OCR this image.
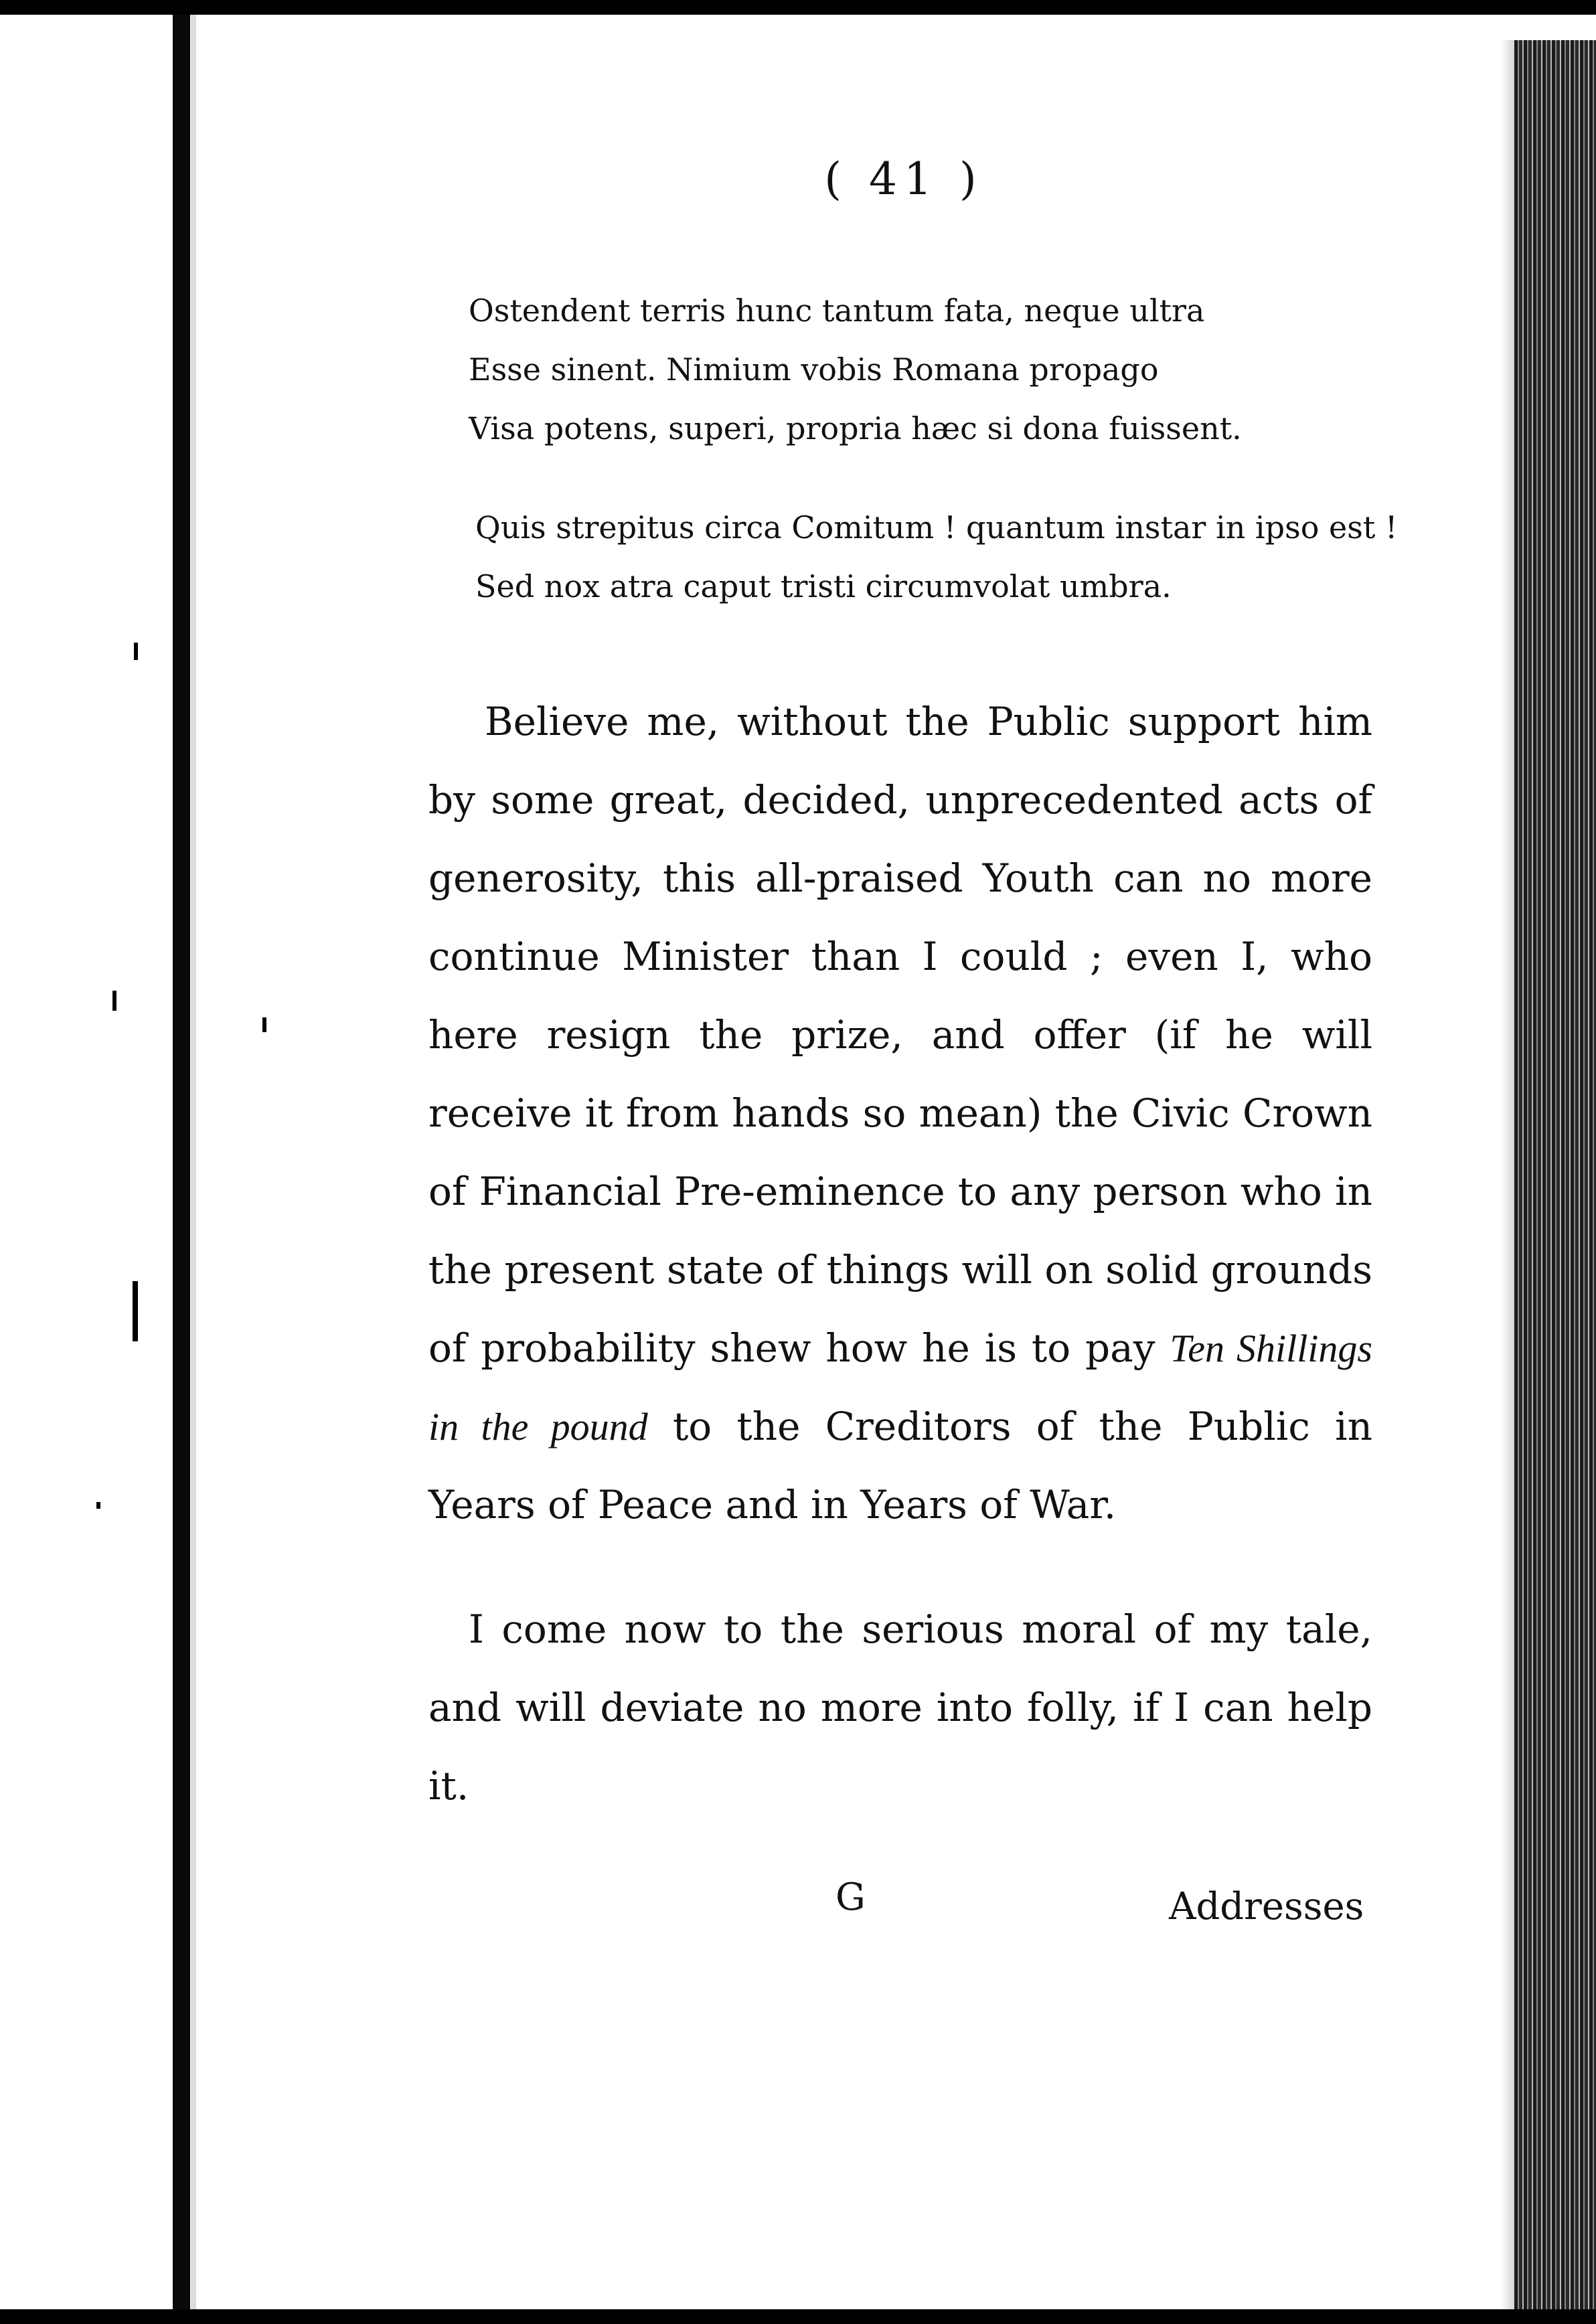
( 41 )
Ostendent terris hunc tantum fata, neque ultra
Esse sinent. Nimium vobis Romana propago
Visa potens, superi, propria hæc si dona fuissent.
Quis strepitus circa Comitum ! quantum instar in ipso est !
Sed nox atra caput tristi circumvolat umbra.

Believe me, without the Public support him by some great, decided, unprecedented acts of generosity, this all-praised Youth can no more continue Minister than I could ; even I, who here resign the prize, and offer (if he will receive it from hands so mean) the Civic Crown of Financial Pre-eminence to any person who in the present state of things will on solid grounds of probability shew how he is to pay Ten Shillings in the pound to the Creditors of the Public in Years of Peace and in Years of War.

I come now to the serious moral of my tale, and will deviate no more into folly, if I can help it.

G	Addresses
